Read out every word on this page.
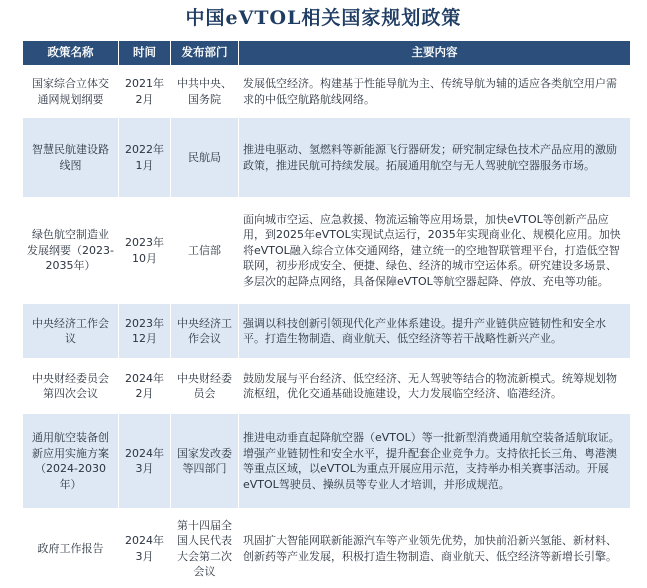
中国eVTOL相关国家规划政策
政策名称	时间	发布部门	主要内容
国家综合立体交通网规划纲要	2021年2月	中共中央、国务院	发展低空经济。构建基于性能导航为主、传统导航为辅的适应各类航空用户需求的中低空航路航线网络。
智慧民航建设路线图	2022年1月	民航局	推进电驱动、氢燃料等新能源飞行器研发；研究制定绿色技术产品应用的激励政策，推进民航可持续发展。拓展通用航空与无人驾驶航空器服务市场。
绿色航空制造业发展纲要（2023-2035年）	2023年10月	工信部	面向城市空运、应急救援、物流运输等应用场景，加快eVTOL等创新产品应用，到2025年eVTOL实现试点运行，2035年实现商业化、规模化应用。加快将eVTOL融入综合立体交通网络，建立统一的空地智联管理平台，打造低空智联网，初步形成安全、便捷、绿色、经济的城市空运体系。研究建设多场景、多层次的起降点网络，具备保障eVTOL等航空器起降、停放、充电等功能。
中央经济工作会议	2023年12月	中央经济工作会议	强调以科技创新引领现代化产业体系建设。提升产业链供应链韧性和安全水平。打造生物制造、商业航天、低空经济等若干战略性新兴产业。
中央财经委员会第四次会议	2024年2月	中央财经委员会	鼓励发展与平台经济、低空经济、无人驾驶等结合的物流新模式。统筹规划物流枢纽，优化交通基础设施建设，大力发展临空经济、临港经济。
通用航空装备创新应用实施方案（2024-2030年）	2024年3月	国家发改委等四部门	推进电动垂直起降航空器（eVTOL）等一批新型消费通用航空装备适航取证。增强产业链韧性和安全水平，提升配套企业竞争力。支持依托长三角、粤港澳等重点区域，以eVTOL为重点开展应用示范，支持举办相关赛事活动。开展eVTOL驾驶员、操纵员等专业人才培训，并形成规范。
政府工作报告	2024年3月	第十四届全国人民代表大会第二次会议	巩固扩大智能网联新能源汽车等产业领先优势，加快前沿新兴氢能、新材料、创新药等产业发展，积极打造生物制造、商业航天、低空经济等新增长引擎。
